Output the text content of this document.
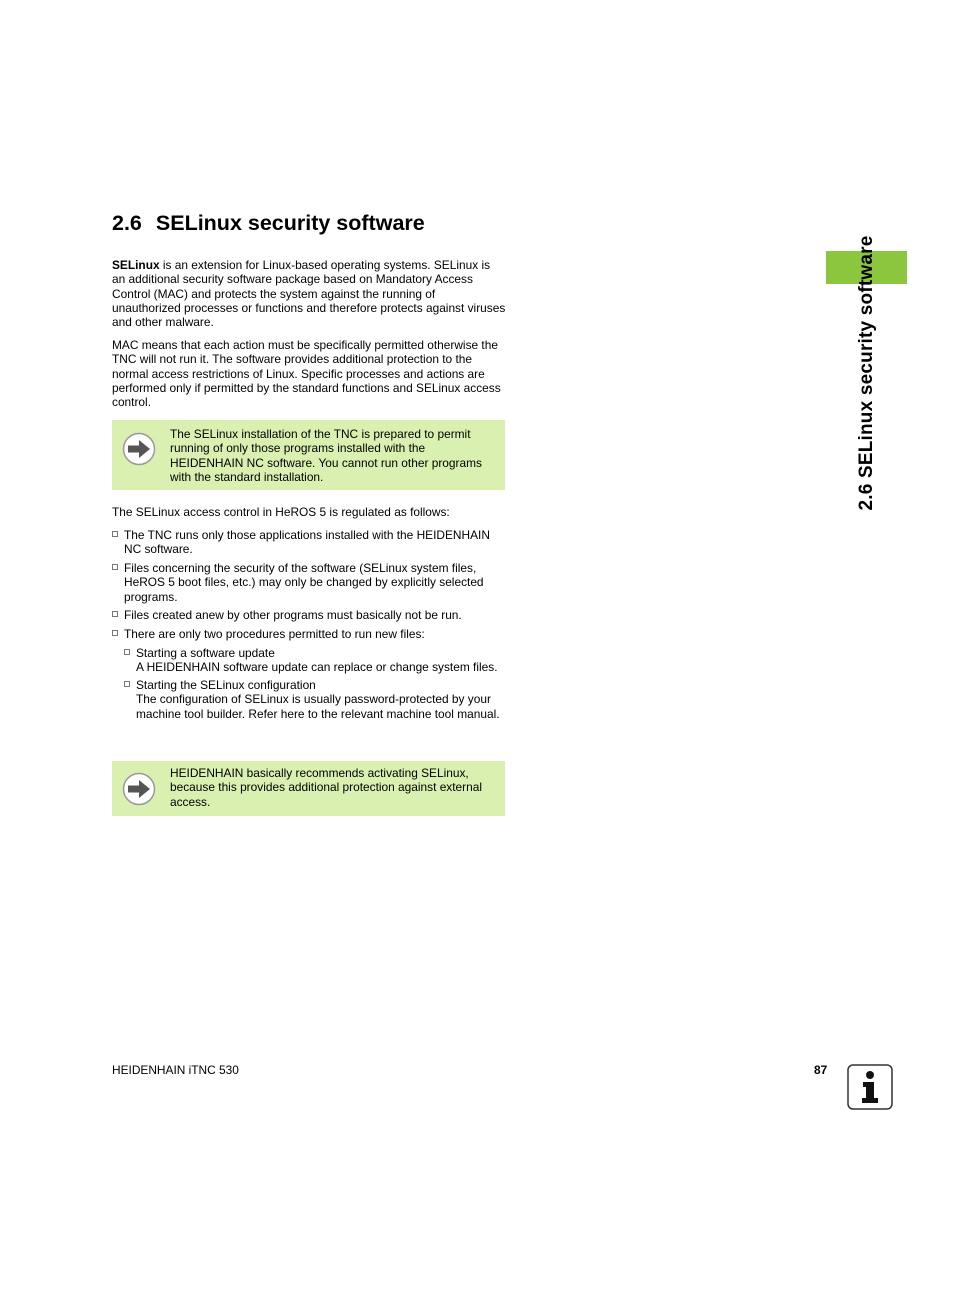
2.6 SELinux security software

SELinux is an extension for Linux-based operating systems. SELinux is an additional security software package based on Mandatory Access Control (MAC) and protects the system against the running of unauthorized processes or functions and therefore protects against viruses and other malware.

MAC means that each action must be specifically permitted otherwise the TNC will not run it. The software provides additional protection to the normal access restrictions of Linux. Specific processes and actions are performed only if permitted by the standard functions and SELinux access control.

The SELinux installation of the TNC is prepared to permit running of only those programs installed with the HEIDENHAIN NC software. You cannot run other programs with the standard installation.

The SELinux access control in HeROS 5 is regulated as follows:

The TNC runs only those applications installed with the HEIDENHAIN NC software.
Files concerning the security of the software (SELinux system files, HeROS 5 boot files, etc.) may only be changed by explicitly selected programs.
Files created anew by other programs must basically not be run.
There are only two procedures permitted to run new files:
Starting a software update
A HEIDENHAIN software update can replace or change system files.
Starting the SELinux configuration
The configuration of SELinux is usually password-protected by your machine tool builder. Refer here to the relevant machine tool manual.

HEIDENHAIN basically recommends activating SELinux, because this provides additional protection against external access.

2.6 SELinux security software
HEIDENHAIN iTNC 530	87
